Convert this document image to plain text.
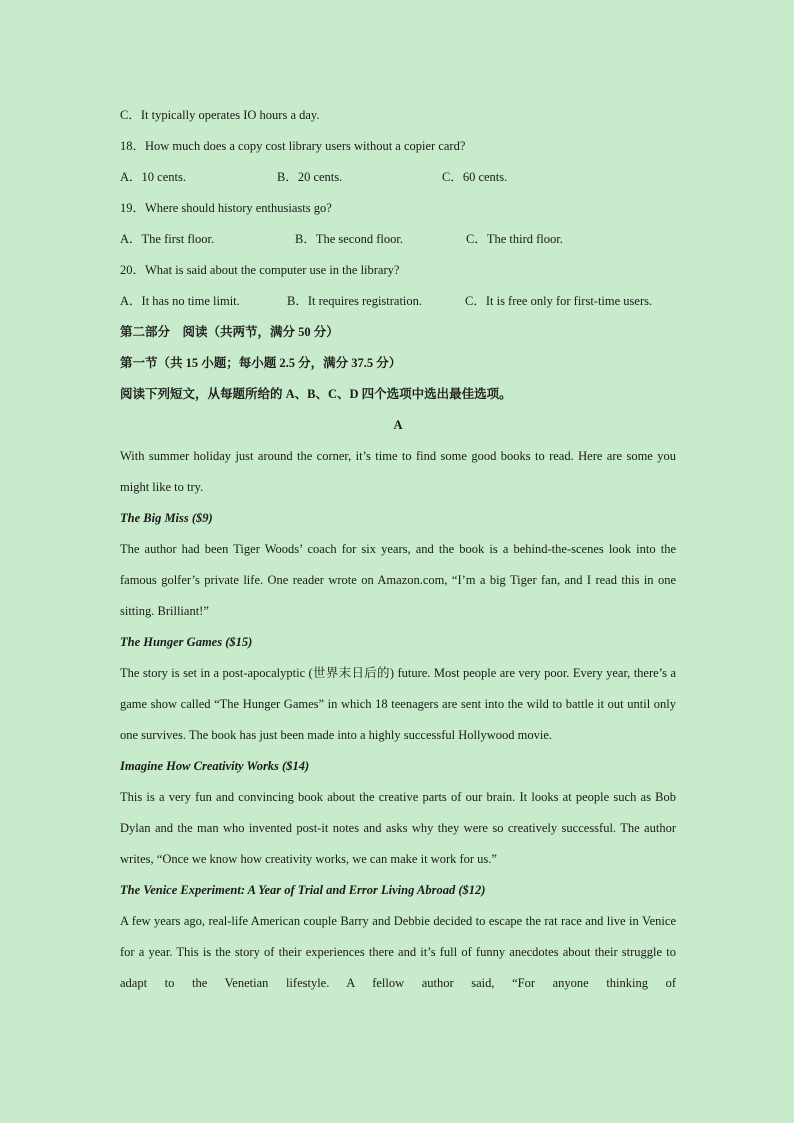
C．It typically operates IO hours a day.
18．How much does a copy cost library users without a copier card?
A．10 cents.	B．20 cents.	C．60 cents.
19．Where should history enthusiasts go?
A．The first floor.	B．The second floor.	C．The third floor.
20．What is said about the computer use in the library?
A．It has no time limit.	B．It requires registration.	C．It is free only for first-time users.
第二部分　阅读（共两节，满分 50 分）
第一节（共 15 小题；每小题 2.5 分，满分 37.5 分）
阅读下列短文，从每题所给的 A、B、C、D 四个选项中选出最佳选项。
A
With summer holiday just around the corner, it’s time to find some good books to read. Here are some you might like to try.
The Big Miss ($9)
The author had been Tiger Woods’ coach for six years, and the book is a behind-the-scenes look into the famous golfer’s private life. One reader wrote on Amazon.com, “I’m a big Tiger fan, and I read this in one sitting. Brilliant!”
The Hunger Games ($15)
The story is set in a post-apocalyptic (世界末日后的) future. Most people are very poor. Every year, there’s a game show called “The Hunger Games” in which 18 teenagers are sent into the wild to battle it out until only one survives. The book has just been made into a highly successful Hollywood movie.
Imagine How Creativity Works ($14)
This is a very fun and convincing book about the creative parts of our brain. It looks at people such as Bob Dylan and the man who invented post-it notes and asks why they were so creatively successful. The author writes, “Once we know how creativity works, we can make it work for us.”
The Venice Experiment: A Year of Trial and Error Living Abroad ($12)
A few years ago, real-life American couple Barry and Debbie decided to escape the rat race and live in Venice for a year. This is the story of their experiences there and it’s full of funny anecdotes about their struggle to adapt to the Venetian lifestyle. A fellow author said, “For anyone thinking of
